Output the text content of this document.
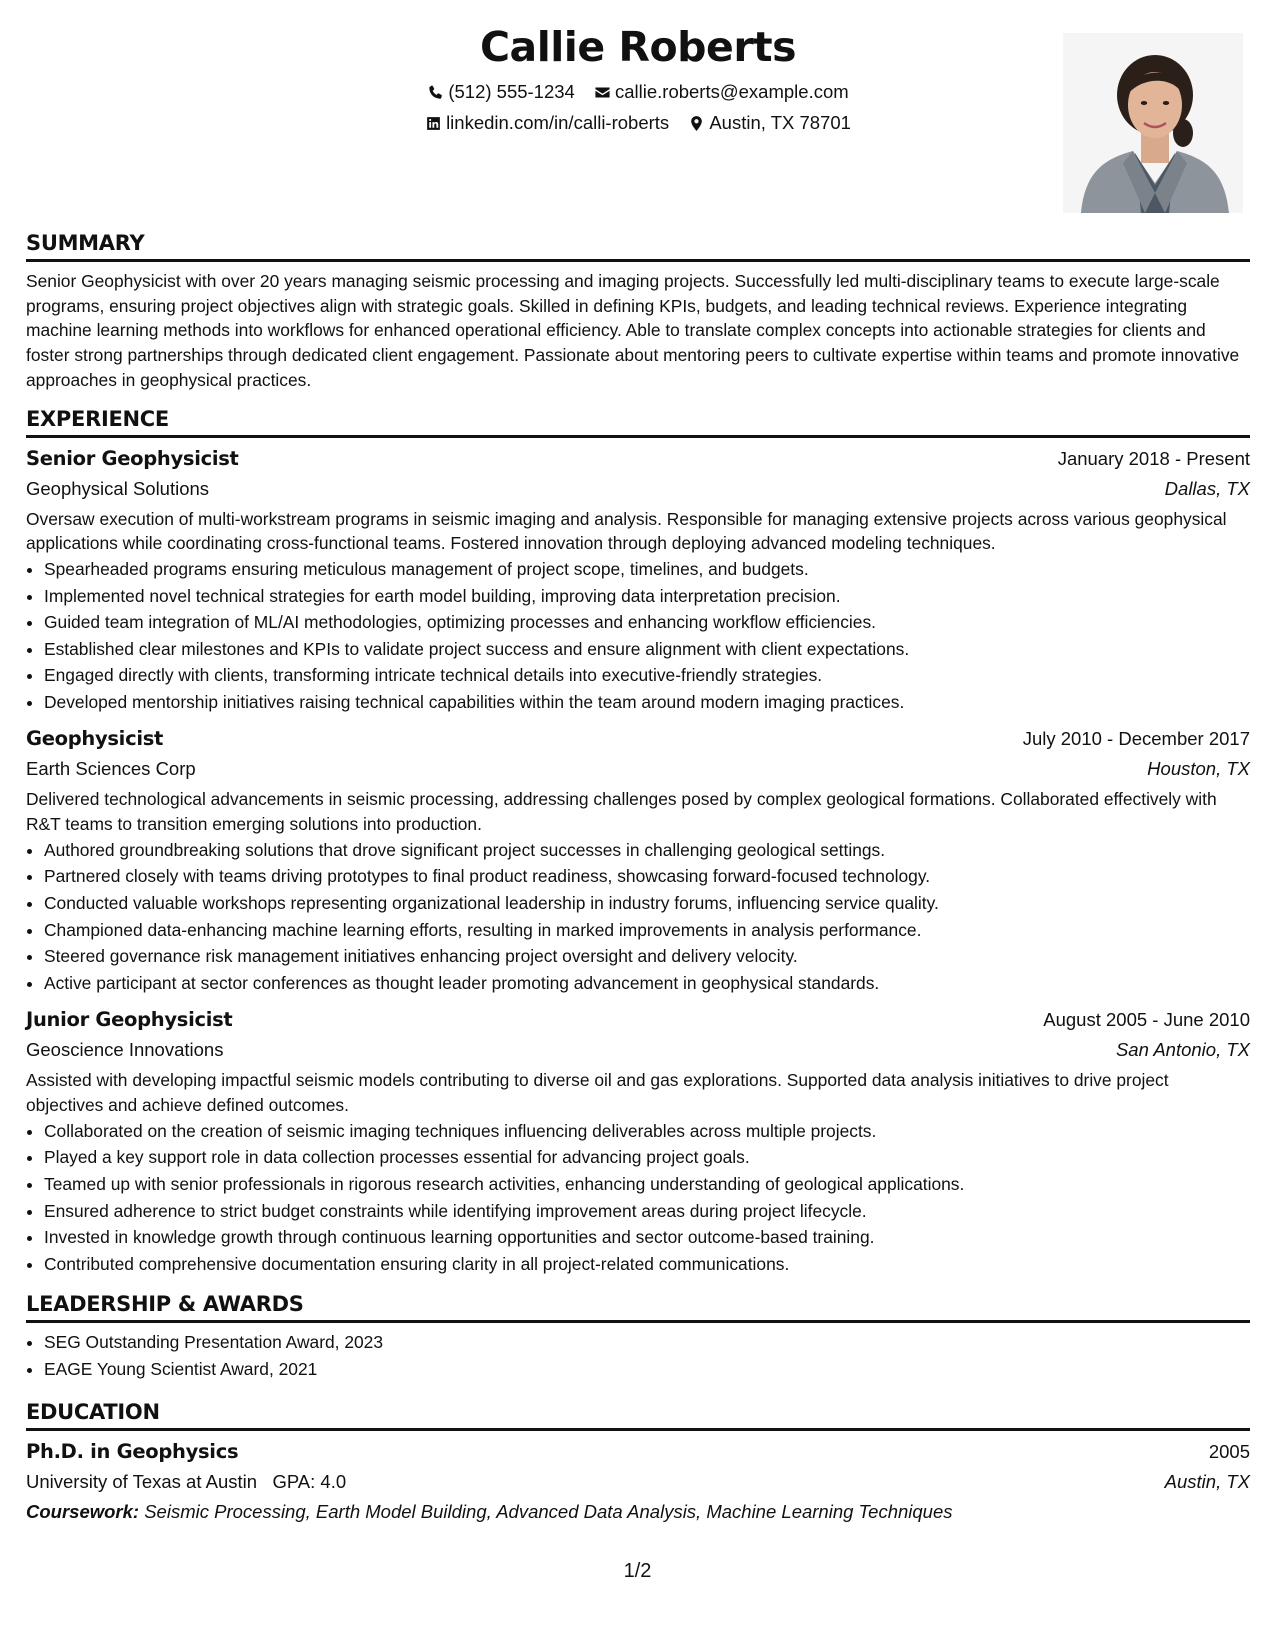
Callie Roberts
(512) 555-1234
callie.roberts@example.com
linkedin.com/in/calli-roberts
Austin, TX 78701
SUMMARY

Senior Geophysicist with over 20 years managing seismic processing and imaging projects. Successfully led multi-disciplinary teams to execute large-scale programs, ensuring project objectives align with strategic goals. Skilled in defining KPIs, budgets, and leading technical reviews. Experience integrating machine learning methods into workflows for enhanced operational efficiency. Able to translate complex concepts into actionable strategies for clients and foster strong partnerships through dedicated client engagement. Passionate about mentoring peers to cultivate expertise within teams and promote innovative approaches in geophysical practices.

EXPERIENCE
Senior Geophysicist	January 2018 - Present
Geophysical Solutions	Dallas, TX

Oversaw execution of multi-workstream programs in seismic imaging and analysis. Responsible for managing extensive projects across various geophysical applications while coordinating cross-functional teams. Fostered innovation through deploying advanced modeling techniques.

• Spearheaded programs ensuring meticulous management of project scope, timelines, and budgets.
• Implemented novel technical strategies for earth model building, improving data interpretation precision.
• Guided team integration of ML/AI methodologies, optimizing processes and enhancing workflow efficiencies.
• Established clear milestones and KPIs to validate project success and ensure alignment with client expectations.
• Engaged directly with clients, transforming intricate technical details into executive-friendly strategies.
• Developed mentorship initiatives raising technical capabilities within the team around modern imaging practices.
Geophysicist	July 2010 - December 2017
Earth Sciences Corp	Houston, TX

Delivered technological advancements in seismic processing, addressing challenges posed by complex geological formations. Collaborated effectively with R&T teams to transition emerging solutions into production.

• Authored groundbreaking solutions that drove significant project successes in challenging geological settings.
• Partnered closely with teams driving prototypes to final product readiness, showcasing forward-focused technology.
• Conducted valuable workshops representing organizational leadership in industry forums, influencing service quality.
• Championed data-enhancing machine learning efforts, resulting in marked improvements in analysis performance.
• Steered governance risk management initiatives enhancing project oversight and delivery velocity.
• Active participant at sector conferences as thought leader promoting advancement in geophysical standards.
Junior Geophysicist	August 2005 - June 2010
Geoscience Innovations	San Antonio, TX

Assisted with developing impactful seismic models contributing to diverse oil and gas explorations. Supported data analysis initiatives to drive project objectives and achieve defined outcomes.

• Collaborated on the creation of seismic imaging techniques influencing deliverables across multiple projects.
• Played a key support role in data collection processes essential for advancing project goals.
• Teamed up with senior professionals in rigorous research activities, enhancing understanding of geological applications.
• Ensured adherence to strict budget constraints while identifying improvement areas during project lifecycle.
• Invested in knowledge growth through continuous learning opportunities and sector outcome-based training.
• Contributed comprehensive documentation ensuring clarity in all project-related communications.
LEADERSHIP & AWARDS
• SEG Outstanding Presentation Award, 2023
• EAGE Young Scientist Award, 2021
EDUCATION
Ph.D. in Geophysics	2005
University of Texas at Austin GPA: 4.0	Austin, TX
Coursework: Seismic Processing, Earth Model Building, Advanced Data Analysis, Machine Learning Techniques
1/2
